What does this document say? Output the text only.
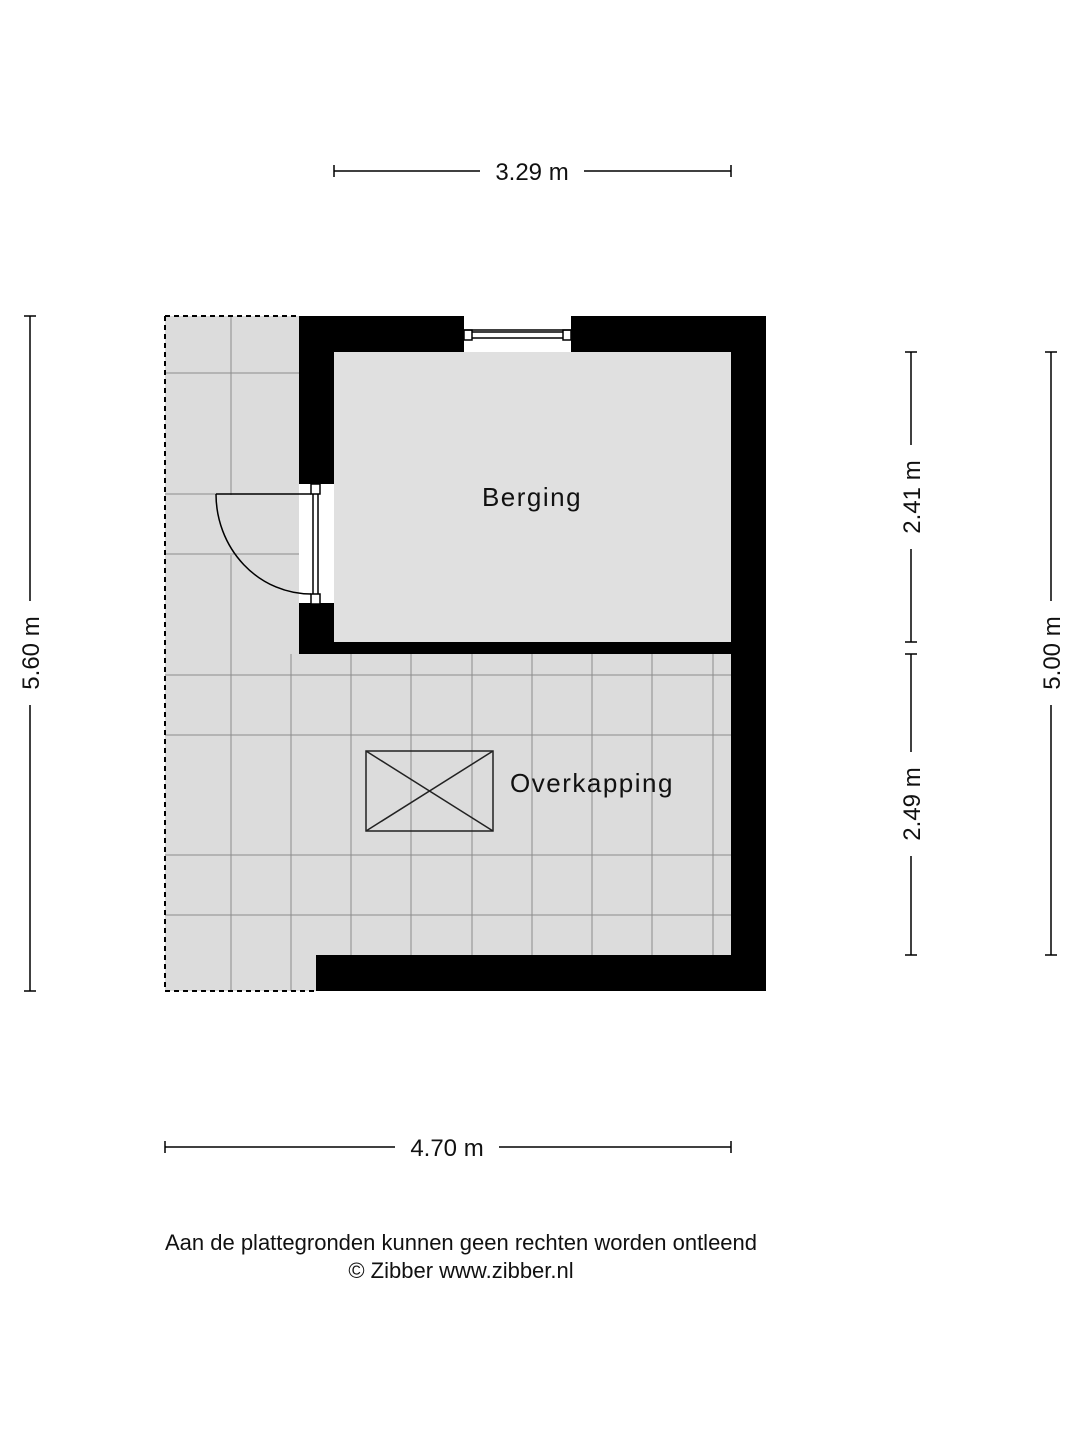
Berging
Overkapping
3.29 m
4.70 m
5.60 m
2.41 m
2.49 m
5.00 m
Aan de plattegronden kunnen geen rechten worden ontleend
© Zibber www.zibber.nl
